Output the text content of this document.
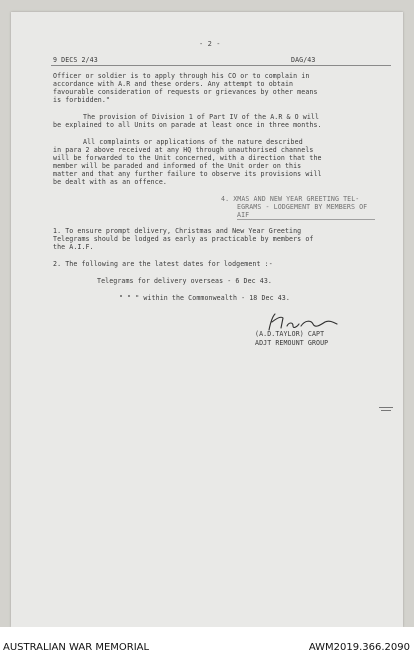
- 2 -
9 DECS 2/43	DAG/43
Officer or soldier is to apply through his CO or to complain in
accordance with A.R and these orders. Any attempt to obtain
favourable consideration of requests or grievances by other means
is forbidden."
The provision of Division 1 of Part IV of the A.R & O will
be explained to all Units on parade at least once in three months.
All complaints or applications of the nature described
in para 2 above received at any HQ through unauthorised channels
will be forwarded to the Unit concerned, with a direction that the
member will be paraded and informed of the Unit order on this
matter and that any further failure to observe its provisions will
be dealt with as an offence.
4. XMAS AND NEW YEAR GREETING TEL-
EGRAMS - LODGEMENT BY MEMBERS OF
AIF
1. To ensure prompt delivery, Christmas and New Year Greeting
Telegrams should be lodged as early as practicable by members of
the A.I.F.
2. The following are the latest dates for lodgement :-
Telegrams for delivery overseas - 6 Dec 43.
" " " within the Commonwealth - 18 Dec 43.
(A.D.TAYLOR) CAPT
ADJT REMOUNT GROUP
AUSTRALIAN WAR MEMORIAL	AWM2019.366.2090
